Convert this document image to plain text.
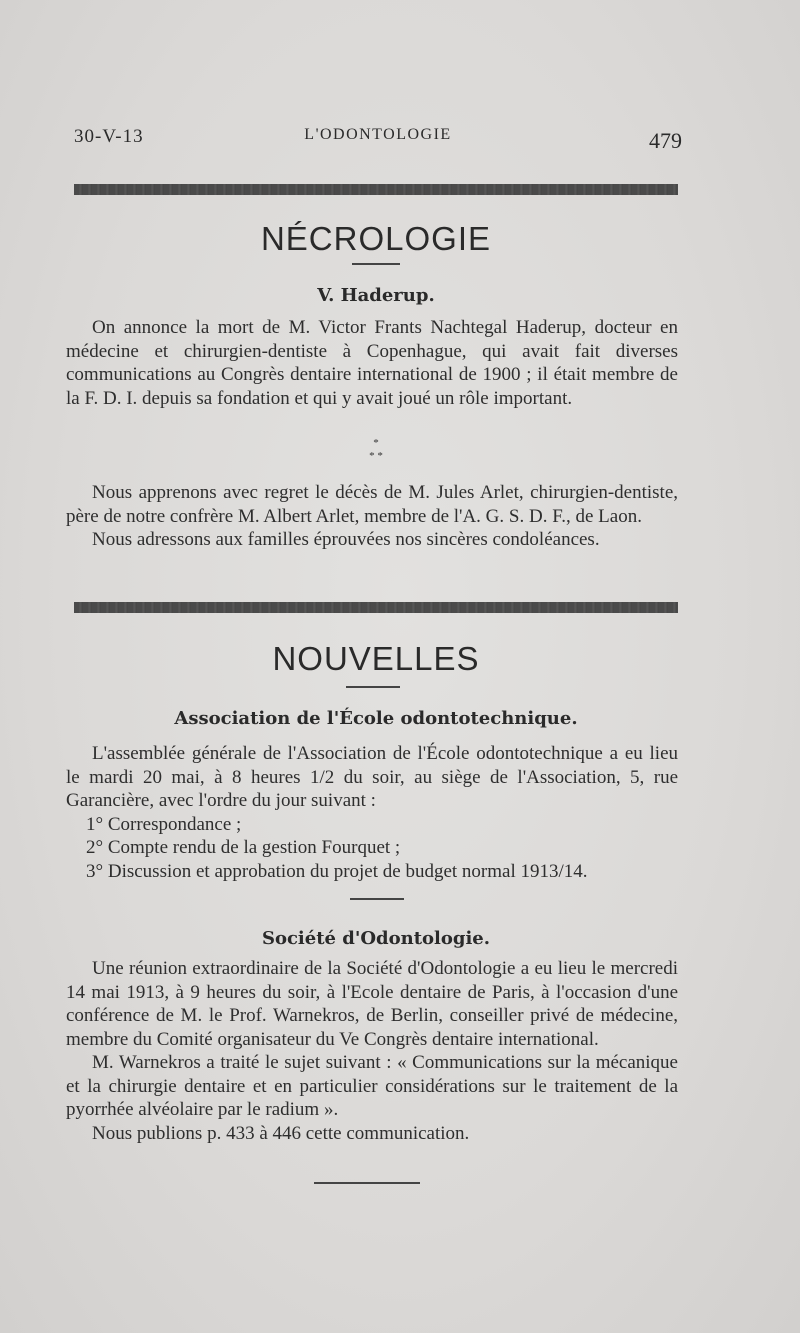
30-V-13	L'ODONTOLOGIE	479
NÉCROLOGIE
V. Haderup.

On annonce la mort de M. Victor Frants Nachtegal Haderup, docteur en médecine et chirurgien-dentiste à Copenhague, qui avait fait diverses communications au Congrès dentaire international de 1900 ; il était membre de la F. D. I. depuis sa fondation et qui y avait joué un rôle important.

*
* *

Nous apprenons avec regret le décès de M. Jules Arlet, chirurgien-dentiste, père de notre confrère M. Albert Arlet, membre de l'A. G. S. D. F., de Laon.

Nous adressons aux familles éprouvées nos sincères condoléances.

NOUVELLES
Association de l'École odontotechnique.

L'assemblée générale de l'Association de l'École odontotechnique a eu lieu le mardi 20 mai, à 8 heures 1/2 du soir, au siège de l'Association, 5, rue Garancière, avec l'ordre du jour suivant :

1° Correspondance ;

2° Compte rendu de la gestion Fourquet ;

3° Discussion et approbation du projet de budget normal 1913/14.

Société d'Odontologie.

Une réunion extraordinaire de la Société d'Odontologie a eu lieu le mercredi 14 mai 1913, à 9 heures du soir, à l'Ecole dentaire de Paris, à l'occasion d'une conférence de M. le Prof. Warnekros, de Berlin, conseiller privé de médecine, membre du Comité organisateur du Ve Congrès dentaire international.

M. Warnekros a traité le sujet suivant : « Communications sur la mécanique et la chirurgie dentaire et en particulier considérations sur le traitement de la pyorrhée alvéolaire par le radium ».

Nous publions p. 433 à 446 cette communication.
